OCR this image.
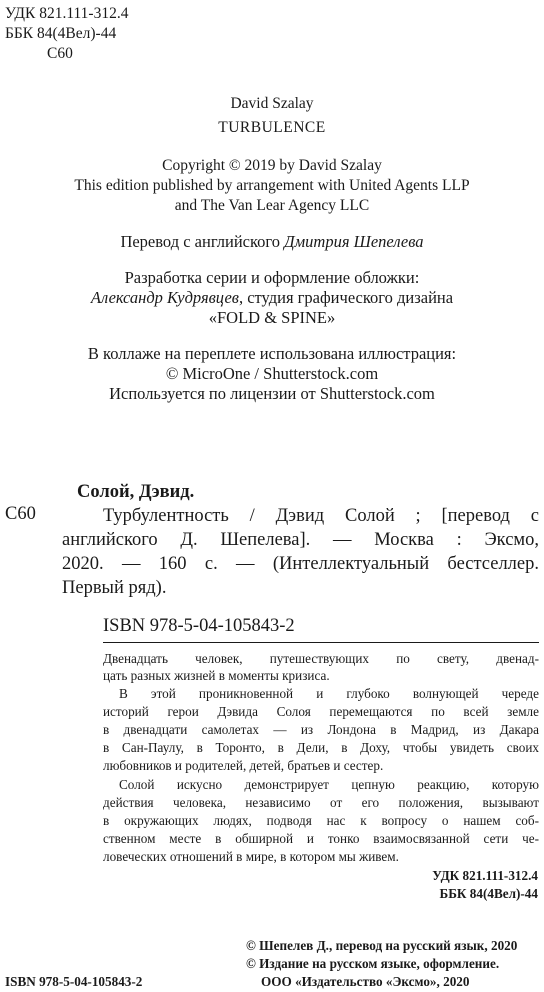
УДК 821.111-312.4
ББК 84(4Вел)-44
С60
David Szalay
TURBULENCE
Copyright © 2019 by David Szalay
This edition published by arrangement with United Agents LLP
and The Van Lear Agency LLC
Перевод с английского Дмитрия Шепелева
Разработка серии и оформление обложки:
Александр Кудрявцев, студия графического дизайна
«FOLD & SPINE»
В коллаже на переплете использована иллюстрация:
© MicroOne / Shutterstock.com
Используется по лицензии от Shutterstock.com
Солой, Дэвид.
С60	Турбулентность / Дэвид Солой ; [перевод с
английского Д. Шепелева]. — Москва : Эксмо,
2020. — 160 с. — (Интеллектуальный бестселлер.
Первый ряд).
ISBN 978-5-04-105843-2
Двенадцать человек, путешествующих по свету, двенад-
цать разных жизней в моменты кризиса.
В этой проникновенной и глубоко волнующей череде
историй герои Дэвида Солоя перемещаются по всей земле
в двенадцати самолетах — из Лондона в Мадрид, из Дакара
в Сан-Паулу, в Торонто, в Дели, в Доху, чтобы увидеть своих
любовников и родителей, детей, братьев и сестер.
Солой искусно демонстрирует цепную реакцию, которую
действия человека, независимо от его положения, вызывают
в окружающих людях, подводя нас к вопросу о нашем соб-
ственном месте в обширной и тонко взаимосвязанной сети че-
ловеческих отношений в мире, в котором мы живем.
УДК 821.111-312.4
ББК 84(4Вел)-44
© Шепелев Д., перевод на русский язык, 2020
© Издание на русском языке, оформление.
ООО «Издательство «Эксмо», 2020
ISBN 978-5-04-105843-2
